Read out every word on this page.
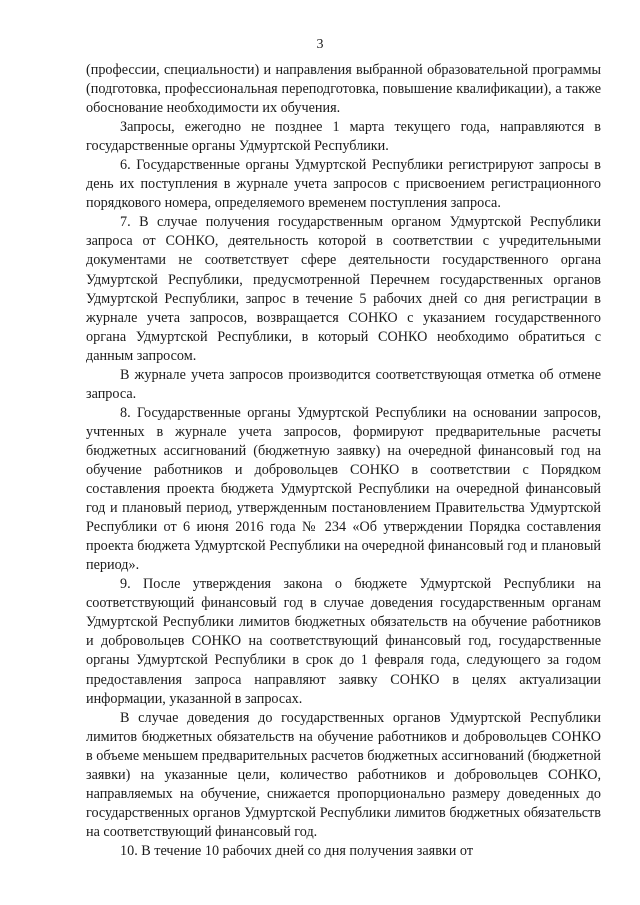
3

(профессии, специальности) и направления выбранной образовательной программы (подготовка, профессиональная переподготовка, повышение квалификации), а также обоснование необходимости их обучения.

Запросы, ежегодно не позднее 1 марта текущего года, направляются в государственные органы Удмуртской Республики.

6. Государственные органы Удмуртской Республики регистрируют запросы в день их поступления в журнале учета запросов с присвоением регистрационного порядкового номера, определяемого временем поступления запроса.

7. В случае получения государственным органом Удмуртской Республики запроса от СОНКО, деятельность которой в соответствии с учредительными документами не соответствует сфере деятельности государственного органа Удмуртской Республики, предусмотренной Перечнем государственных органов Удмуртской Республики, запрос в течение 5 рабочих дней со дня регистрации в журнале учета запросов, возвращается СОНКО с указанием государственного органа Удмуртской Республики, в который СОНКО необходимо обратиться с данным запросом.

В журнале учета запросов производится соответствующая отметка об отмене запроса.

8. Государственные органы Удмуртской Республики на основании запросов, учтенных в журнале учета запросов, формируют предварительные расчеты бюджетных ассигнований (бюджетную заявку) на очередной финансовый год на обучение работников и добровольцев СОНКО в соответствии с Порядком составления проекта бюджета Удмуртской Республики на очередной финансовый год и плановый период, утвержденным постановлением Правительства Удмуртской Республики от 6 июня 2016 года № 234 «Об утверждении Порядка составления проекта бюджета Удмуртской Республики на очередной финансовый год и плановый период».

9. После утверждения закона о бюджете Удмуртской Республики на соответствующий финансовый год в случае доведения государственным органам Удмуртской Республики лимитов бюджетных обязательств на обучение работников и добровольцев СОНКО на соответствующий финансовый год, государственные органы Удмуртской Республики в срок до 1 февраля года, следующего за годом предоставления запроса направляют заявку СОНКО в целях актуализации информации, указанной в запросах.

В случае доведения до государственных органов Удмуртской Республики лимитов бюджетных обязательств на обучение работников и добровольцев СОНКО в объеме меньшем предварительных расчетов бюджетных ассигнований (бюджетной заявки) на указанные цели, количество работников и добровольцев СОНКО, направляемых на обучение, снижается пропорционально размеру доведенных до государственных органов Удмуртской Республики лимитов бюджетных обязательств на соответствующий финансовый год.

10. В течение 10 рабочих дней со дня получения заявки от
